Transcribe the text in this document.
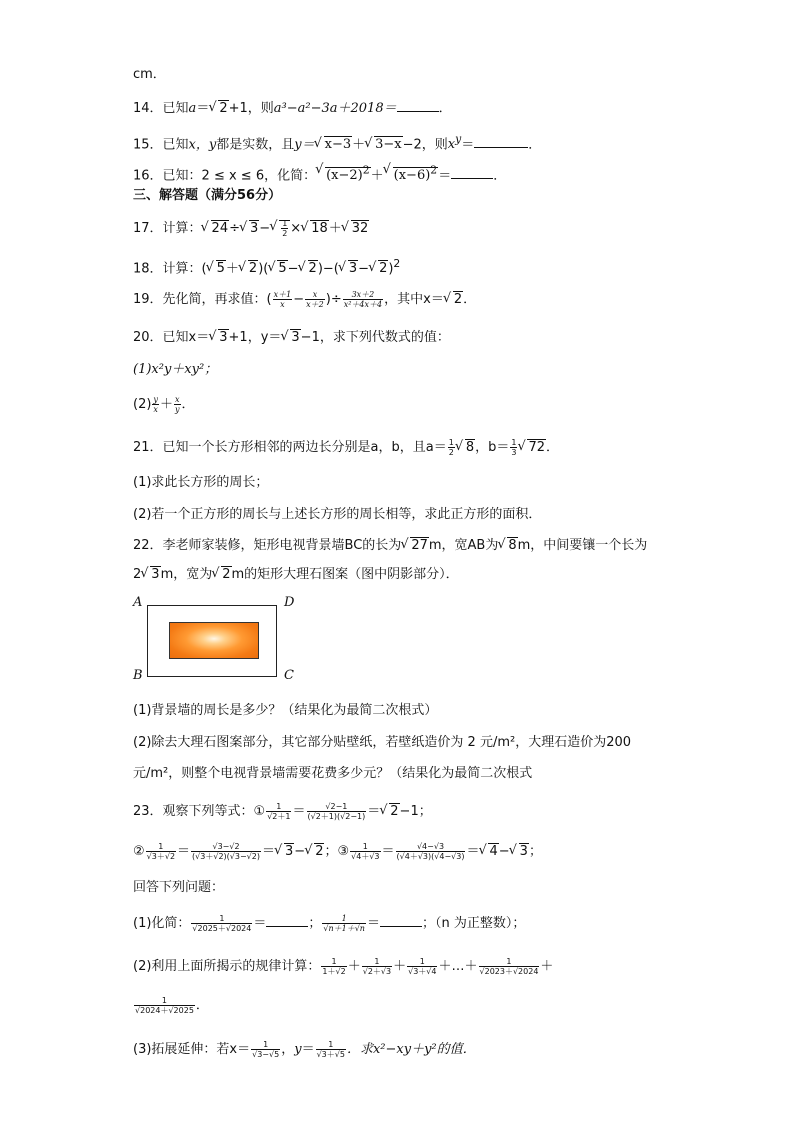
cm．
14．已知a＝√ 2+1，则a³−a²−3a＋2018＝	．
15．已知x，y都是实数，且y＝√ x−3＋√ 3−x−2，则$x^y=$	．
16．已知：2 ≤ x ≤ 6，化简：√ $(x-2)^2+√$ $(x-6)^2=$	．
三、解答题（满分56分）
17．计算：√ 24÷√ 3−
√ $\frac{1}{2}$ ×√ 18＋√ 32
18．计算：(√ 5＋√ 2)(√ 5−√ 2)−(√ 3−√ 2)$^2$
19．先化简，再求值：( $\frac{x+1}{x} - \frac{x}{x+2}$ )÷ $\frac{3x+2}{\text{x²＋4x＋4}}$ ，其中x＝√ 2．
20．已知x＝√ 3+1，y＝√ 3−1，求下列代数式的值：
(1)x²y＋xy²；
$(2) \frac{y}{x} + \frac{x}{y}$ ．
21．已知一个长方形相邻的两边长分别是a，b，且$a= \frac{1}{2}$
√ 8，$b= \frac{1}{3}$
√ 72．
(1)求此长方形的周长；
(2)若一个正方形的周长与上述长方形的周长相等，求此正方形的面积．
22．李老师家装修，矩形电视背景墙BC的长为√ 27m，宽AB为√ 8m，中间要镶一个长为
2√ 3m，宽为√ 2m的矩形大理石图案（图中阴影部分）．
A	D
B	C
(1)背景墙的周长是多少？（结果化为最简二次根式）
(2)除去大理石图案部分，其它部分贴壁纸，若壁纸造价为 2 元/m²，大理石造价为200
元/m²，则整个电视背景墙需要花费多少元？（结果化为最简二次根式
23．观察下列等式：① $\frac{1}{√2+1} = \frac{√2-1}{(√2+1)(√2-1)}$ ＝√ 2−1；
② $\frac{1}{√3+√2} = \frac{√3-√2}{(√3+√2)(√3-√2)}$ ＝√ 3−√ 2；③ $\frac{1}{√4+√3} = \frac{√4-√3}{(√4+√3)(√4-√3)}$ ＝√ 4−√ 3；
回答下列问题：
(1)化简： $\frac{1}{√2025+√2024}$ ＝	； $\frac{1}{√n+1+√n}$ ＝	；（n 为正整数）；
(2)利用上面所揭示的规律计算： $\frac{1}{1+√2} + \frac{1}{√2+√3} + \frac{1}{√3+√4}$ ＋…＋ $\frac{1}{√2023+√2024}$ ＋
$\frac{1}{√2024+√2025}$ ．
(3)拓展延伸：若$x= \frac{1}{√3-√5}$ ，$y= \frac{1}{√3+√5}$ ．求x²−xy＋y²的值．
